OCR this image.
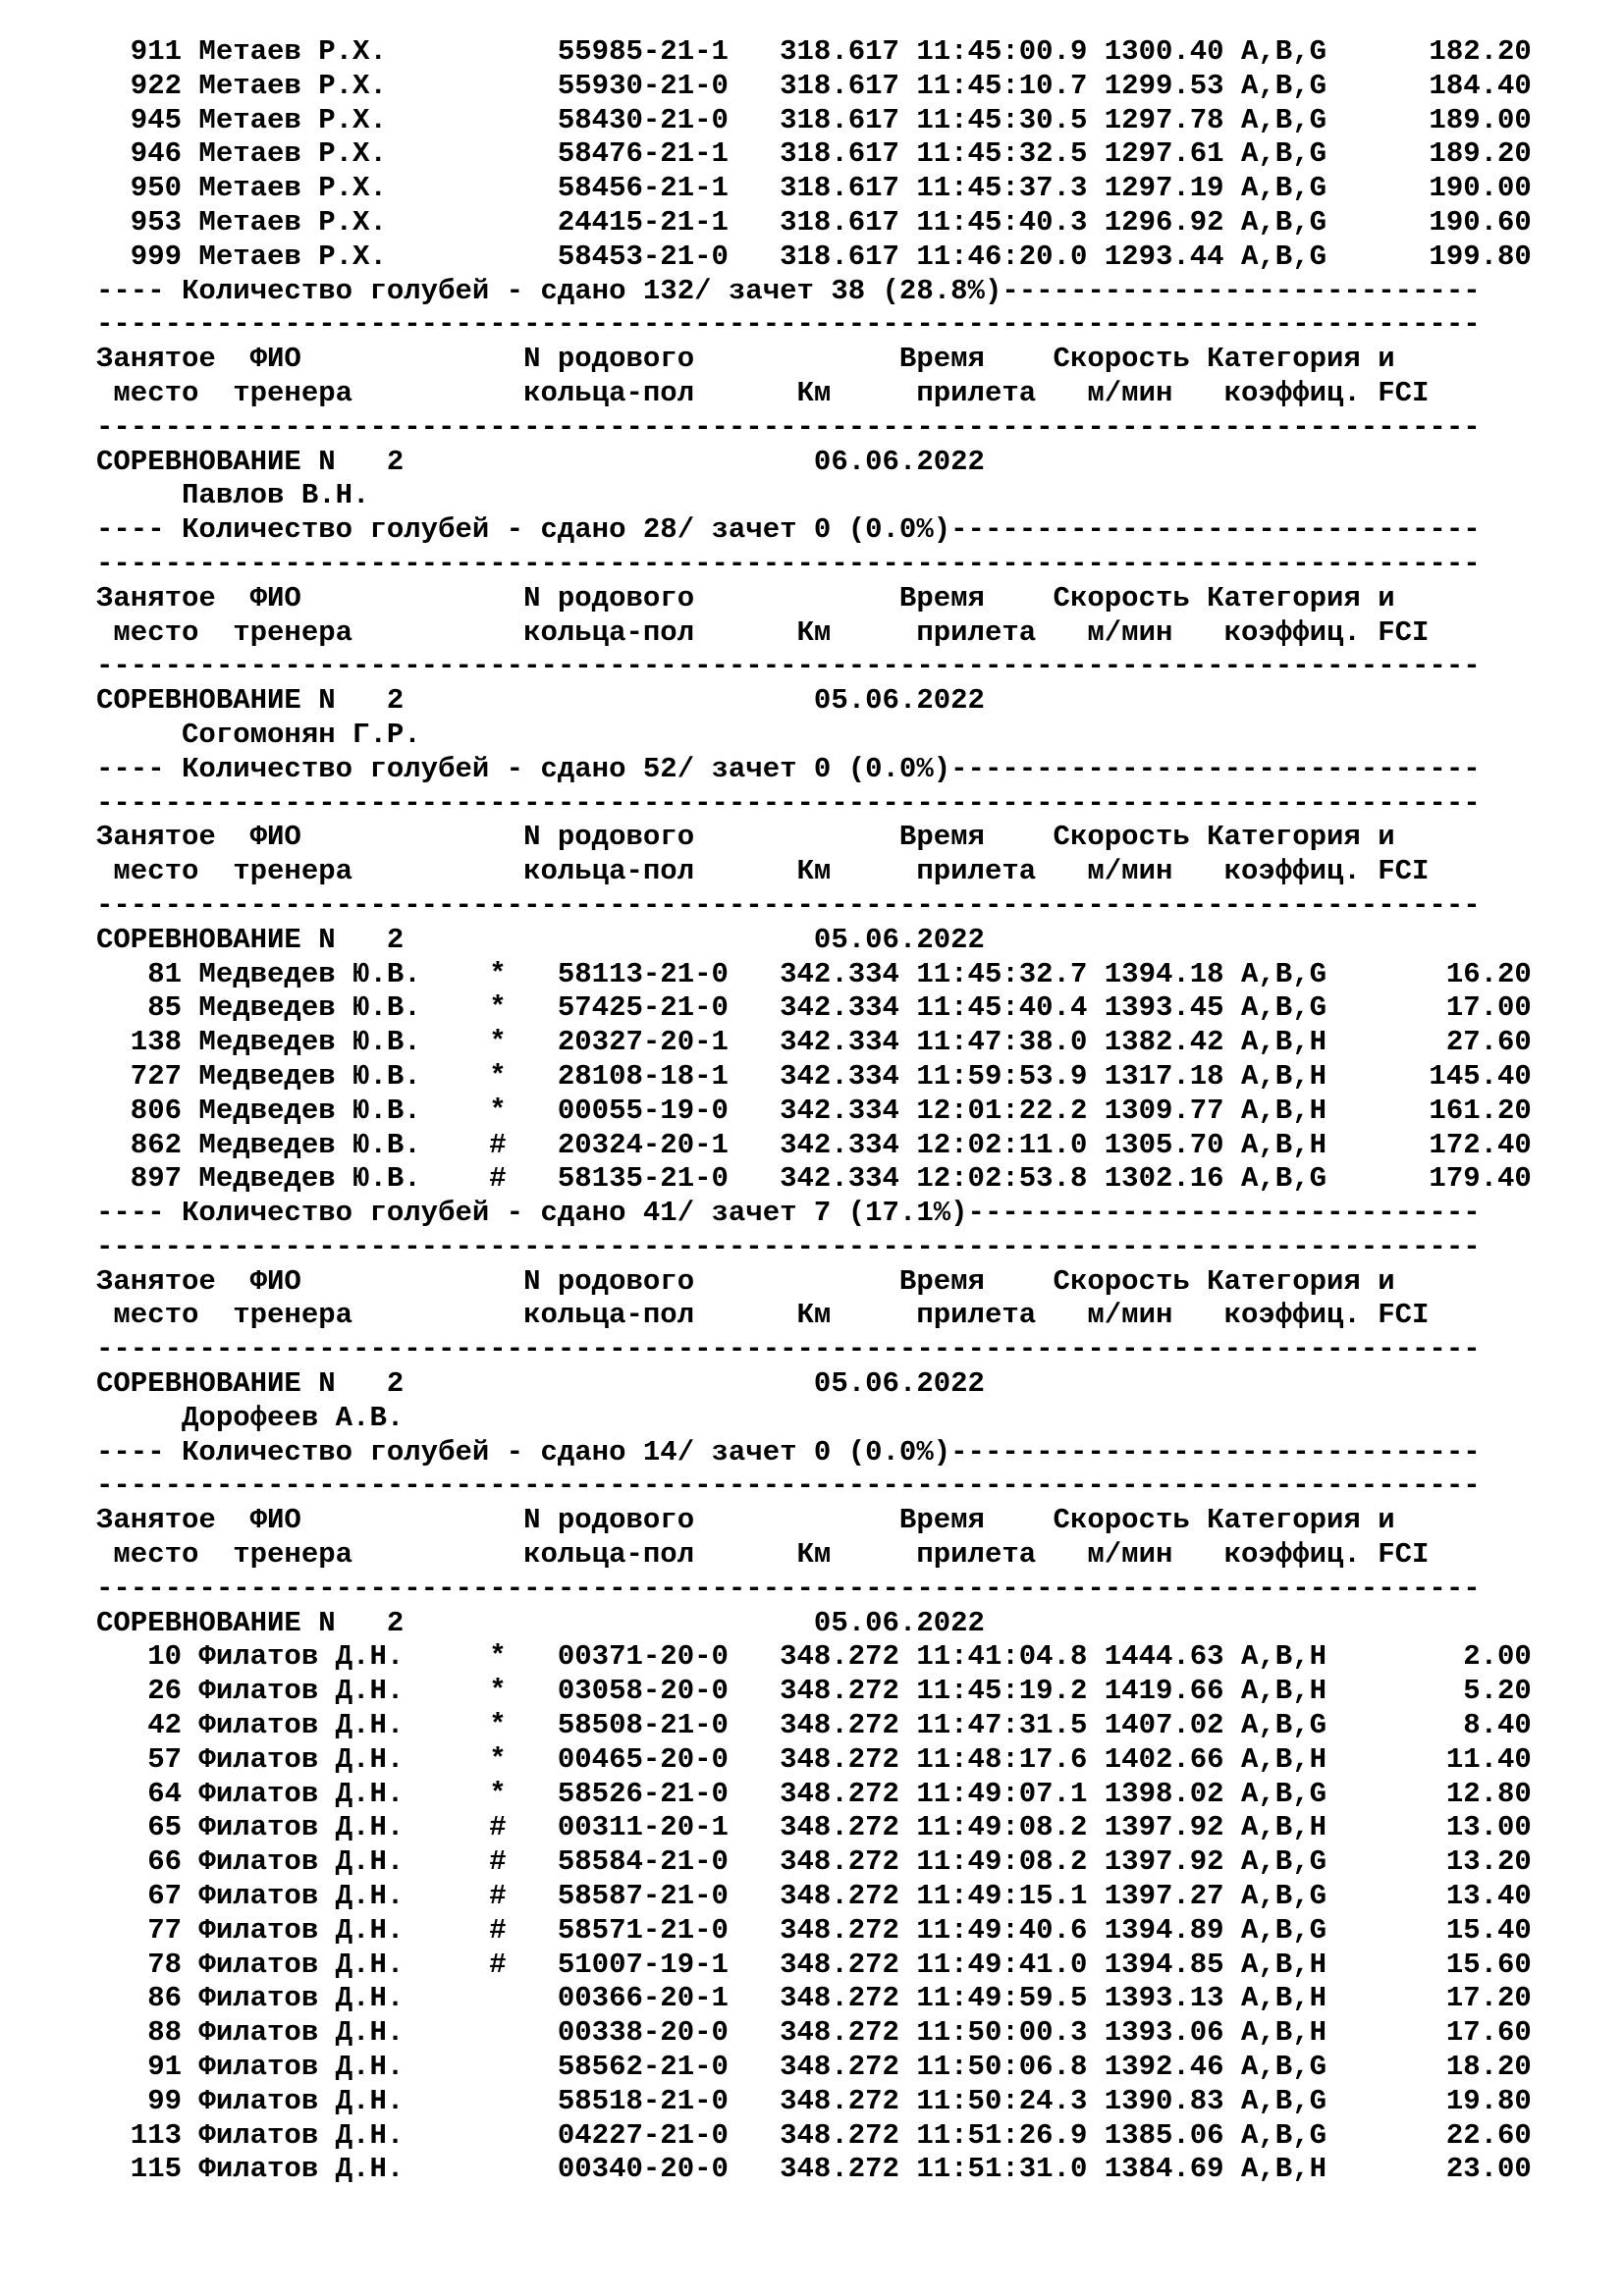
911 Метаев Р.Х.          55985-21-1   318.617 11:45:00.9 1300.40 А,В,G      182.20
922 Метаев Р.Х.          55930-21-0   318.617 11:45:10.7 1299.53 А,В,G      184.40
945 Метаев Р.Х.          58430-21-0   318.617 11:45:30.5 1297.78 А,В,G      189.00
946 Метаев Р.Х.          58476-21-1   318.617 11:45:32.5 1297.61 А,В,G      189.20
950 Метаев Р.Х.          58456-21-1   318.617 11:45:37.3 1297.19 А,В,G      190.00
953 Метаев Р.Х.          24415-21-1   318.617 11:45:40.3 1296.92 А,В,G      190.60
999 Метаев Р.Х.          58453-21-0   318.617 11:46:20.0 1293.44 А,В,G      199.80
---- Количество голубей - сдано 132/ зачет 38 (28.8%)----------------------------
---------------------------------------------------------------------------------
Занятое  ФИО             N родового            Время    Скорость Категория и
место  тренера          кольца-пол      Км     прилета   м/мин   коэффиц. FCI
---------------------------------------------------------------------------------
СОРЕВНОВАНИЕ N   2                        06.06.2022
Павлов В.Н.
---- Количество голубей - сдано 28/ зачет 0 (0.0%)-------------------------------
---------------------------------------------------------------------------------
Занятое  ФИО             N родового            Время    Скорость Категория и
место  тренера          кольца-пол      Км     прилета   м/мин   коэффиц. FCI
---------------------------------------------------------------------------------
СОРЕВНОВАНИЕ N   2                        05.06.2022
Согомонян Г.Р.
---- Количество голубей - сдано 52/ зачет 0 (0.0%)-------------------------------
---------------------------------------------------------------------------------
Занятое  ФИО             N родового            Время    Скорость Категория и
место  тренера          кольца-пол      Км     прилета   м/мин   коэффиц. FCI
---------------------------------------------------------------------------------
СОРЕВНОВАНИЕ N   2                        05.06.2022
81 Медведев Ю.В.    *   58113-21-0   342.334 11:45:32.7 1394.18 А,В,G       16.20
85 Медведев Ю.В.    *   57425-21-0   342.334 11:45:40.4 1393.45 А,В,G       17.00
138 Медведев Ю.В.    *   20327-20-1   342.334 11:47:38.0 1382.42 А,В,Н       27.60
727 Медведев Ю.В.    *   28108-18-1   342.334 11:59:53.9 1317.18 А,В,Н      145.40
806 Медведев Ю.В.    *   00055-19-0   342.334 12:01:22.2 1309.77 А,В,Н      161.20
862 Медведев Ю.В.    #   20324-20-1   342.334 12:02:11.0 1305.70 А,В,Н      172.40
897 Медведев Ю.В.    #   58135-21-0   342.334 12:02:53.8 1302.16 А,В,G      179.40
---- Количество голубей - сдано 41/ зачет 7 (17.1%)------------------------------
---------------------------------------------------------------------------------
Занятое  ФИО             N родового            Время    Скорость Категория и
место  тренера          кольца-пол      Км     прилета   м/мин   коэффиц. FCI
---------------------------------------------------------------------------------
СОРЕВНОВАНИЕ N   2                        05.06.2022
Дорофеев А.В.
---- Количество голубей - сдано 14/ зачет 0 (0.0%)-------------------------------
---------------------------------------------------------------------------------
Занятое  ФИО             N родового            Время    Скорость Категория и
место  тренера          кольца-пол      Км     прилета   м/мин   коэффиц. FCI
---------------------------------------------------------------------------------
СОРЕВНОВАНИЕ N   2                        05.06.2022
10 Филатов Д.Н.     *   00371-20-0   348.272 11:41:04.8 1444.63 А,В,Н        2.00
26 Филатов Д.Н.     *   03058-20-0   348.272 11:45:19.2 1419.66 А,В,Н        5.20
42 Филатов Д.Н.     *   58508-21-0   348.272 11:47:31.5 1407.02 А,В,G        8.40
57 Филатов Д.Н.     *   00465-20-0   348.272 11:48:17.6 1402.66 А,В,Н       11.40
64 Филатов Д.Н.     *   58526-21-0   348.272 11:49:07.1 1398.02 А,В,G       12.80
65 Филатов Д.Н.     #   00311-20-1   348.272 11:49:08.2 1397.92 А,В,Н       13.00
66 Филатов Д.Н.     #   58584-21-0   348.272 11:49:08.2 1397.92 А,В,G       13.20
67 Филатов Д.Н.     #   58587-21-0   348.272 11:49:15.1 1397.27 А,В,G       13.40
77 Филатов Д.Н.     #   58571-21-0   348.272 11:49:40.6 1394.89 А,В,G       15.40
78 Филатов Д.Н.     #   51007-19-1   348.272 11:49:41.0 1394.85 А,В,Н       15.60
86 Филатов Д.Н.         00366-20-1   348.272 11:49:59.5 1393.13 А,В,Н       17.20
88 Филатов Д.Н.         00338-20-0   348.272 11:50:00.3 1393.06 А,В,Н       17.60
91 Филатов Д.Н.         58562-21-0   348.272 11:50:06.8 1392.46 А,В,G       18.20
99 Филатов Д.Н.         58518-21-0   348.272 11:50:24.3 1390.83 А,В,G       19.80
113 Филатов Д.Н.         04227-21-0   348.272 11:51:26.9 1385.06 А,В,G       22.60
115 Филатов Д.Н.         00340-20-0   348.272 11:51:31.0 1384.69 А,В,Н       23.00
